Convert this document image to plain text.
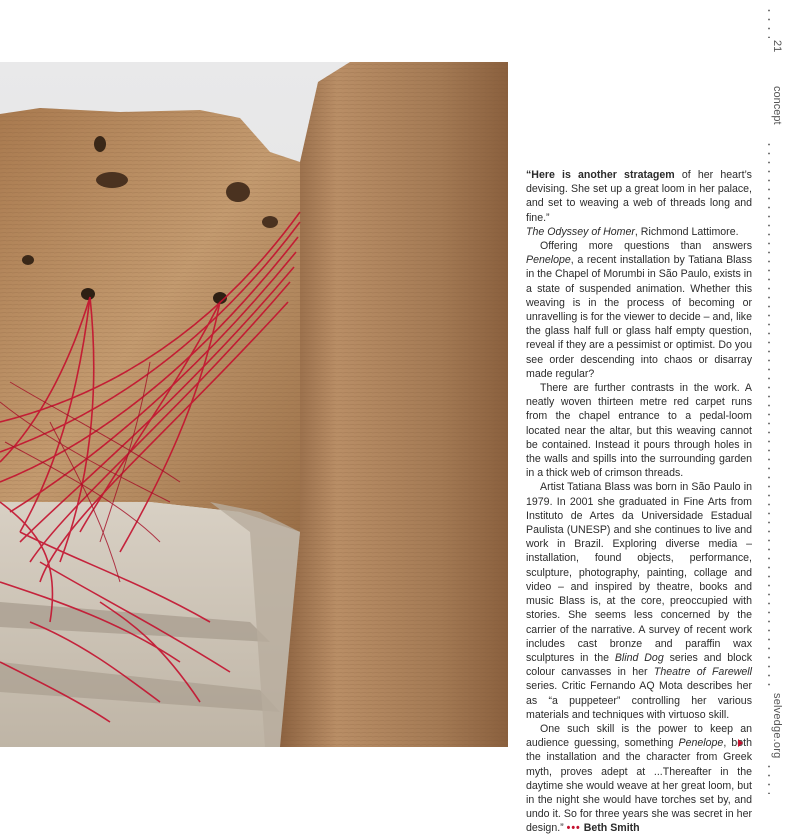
“Here is another stratagem of her heart’s devising. She set up a great loom in her palace, and set to weaving a web of threads long and fine.”

The Odyssey of Homer, Richmond Lattimore.

Offering more questions than answers Penelope, a recent installation by Tatiana Blass in the Chapel of Morumbi in São Paulo, exists in a state of suspended animation. Whether this weaving is in the process of becoming or unravelling is for the viewer to decide – and, like the glass half full or glass half empty question, reveal if they are a pessimist or optimist. Do you see order descending into chaos or disarray made regular?

There are further contrasts in the work. A neatly woven thirteen metre red carpet runs from the chapel entrance to a pedal-loom located near the altar, but this weaving cannot be contained. Instead it pours through holes in the walls and spills into the surrounding garden in a thick web of crimson threads.

Artist Tatiana Blass was born in São Paulo in 1979. In 2001 she graduated in Fine Arts from Instituto de Artes da Universidade Estadual Paulista (UNESP) and she continues to live and work in Brazil. Exploring diverse media – installation, found objects, performance, sculpture, photography, painting, collage and video – and inspired by theatre, books and music Blass is, at the core, preoccupied with stories. She seems less concerned by the carrier of the narrative. A survey of recent work includes cast bronze and paraffin wax sculptures in the Blind Dog series and block colour canvasses in her Theatre of Farewell series. Critic Fernando AQ Mota describes her as “a puppeteer” controlling her various materials and techniques with virtuoso skill.

One such skill is the power to keep an audience guessing, something Penelope, both the installation and the character from Greek myth, proves adept at ...Thereafter in the daytime she would weave at her great loom, but in the night she would have torches set by, and undo it. So for three years she was secret in her design.” ••• Beth Smith

21
concept
selvedge.org
